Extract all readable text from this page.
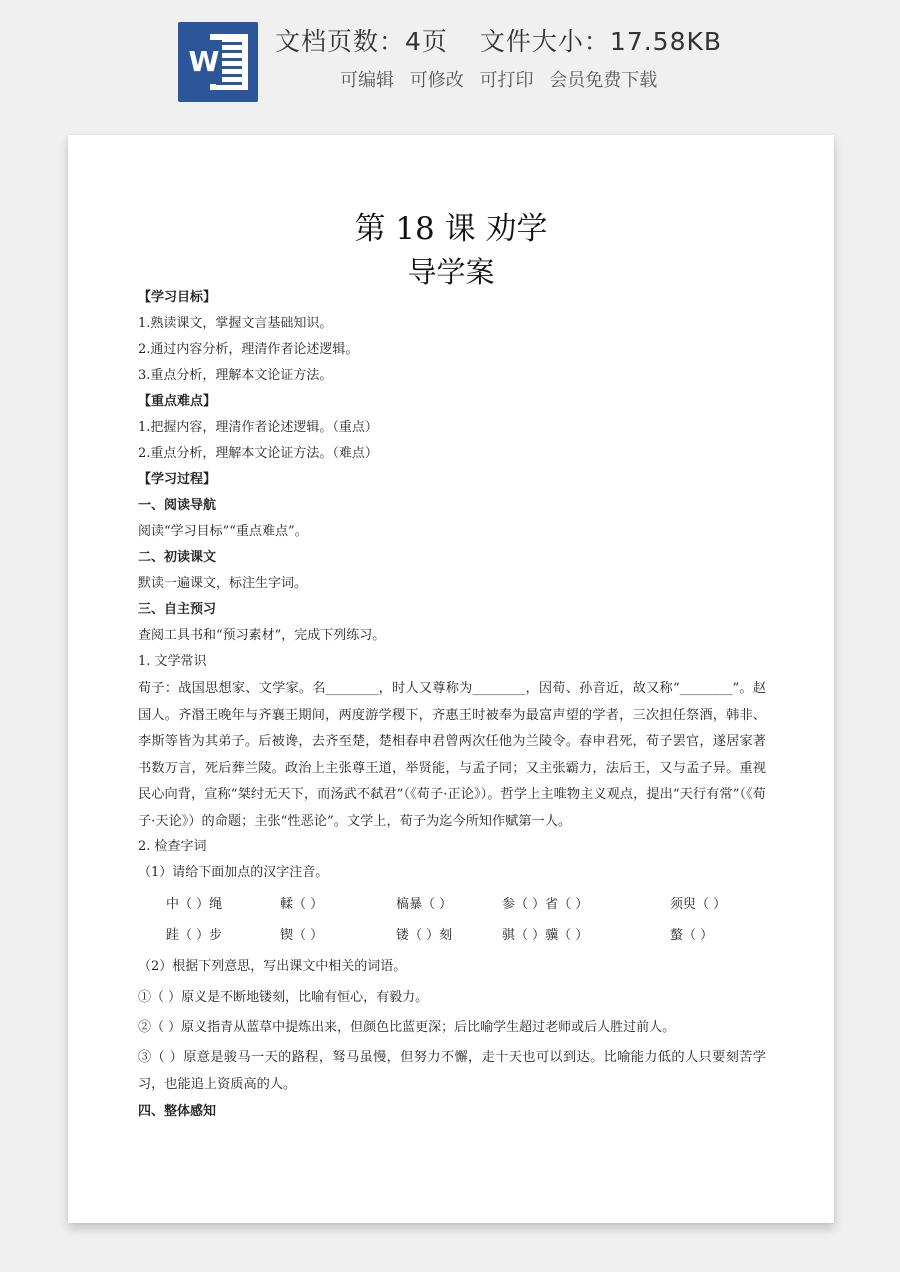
W
文档页数：4页 文件大小：17.58KB
可编辑 可修改 可打印 会员免费下载
第 18 课 劝学
导学案
【学习目标】
1.熟读课文，掌握文言基础知识。
2.通过内容分析，理清作者论述逻辑。
3.重点分析，理解本文论证方法。
【重点难点】
1.把握内容，理清作者论述逻辑。（重点）
2.重点分析，理解本文论证方法。（难点）
【学习过程】
一、阅读导航
阅读“学习目标”“重点难点”。
二、初读课文
默读一遍课文，标注生字词。
三、自主预习
查阅工具书和“预习素材”，完成下列练习。
1. 文学常识
荀子：战国思想家、文学家。名________，时人又尊称为________，因荀、孙音近，故又称“________”。赵国人。齐湣王晚年与齐襄王期间，两度游学稷下，齐惠王时被奉为最富声望的学者，三次担任祭酒，韩非、李斯等皆为其弟子。后被谗，去齐至楚，楚相春申君曾两次任他为兰陵令。春申君死，荀子罢官，遂居家著书数万言，死后葬兰陵。政治上主张尊王道，举贤能，与孟子同；又主张霸力，法后王，又与孟子异。重视民心向背，宣称“桀纣无天下，而汤武不弑君”（《荀子·正论》）。哲学上主唯物主义观点，提出“天行有常”（《荀子·天论》）的命题；主张“性恶论”。文学上，荀子为迄今所知作赋第一人。
2. 检查字词
（1）请给下面加点的汉字注音。
中（ ）绳	輮（ ）	槁暴（ ）	参（ ）省（ ）	须臾（ ）
跬（ ）步	锲（ ）	镂（ ）刻	骐（ ）骥（ ）	螯（ ）
（2）根据下列意思，写出课文中相关的词语。
①（ ）原义是不断地镂刻，比喻有恒心，有毅力。
②（ ）原义指青从蓝草中提炼出来，但颜色比蓝更深；后比喻学生超过老师或后人胜过前人。
③（ ）原意是骏马一天的路程，驽马虽慢，但努力不懈，走十天也可以到达。比喻能力低的人只要刻苦学习，也能追上资质高的人。
四、整体感知
